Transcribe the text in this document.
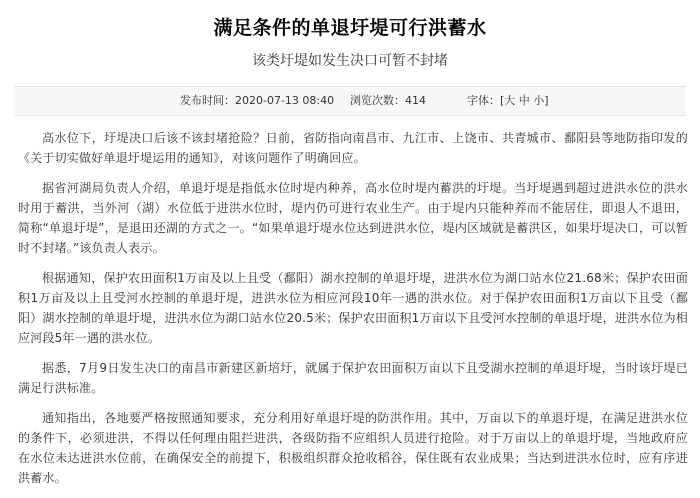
满足条件的单退圩堤可行洪蓄水
该类圩堤如发生决口可暂不封堵
发布时间：2020-07-13 08:40 浏览次数：414	字体：[大 中 小]

高水位下，圩堤决口后该不该封堵抢险？日前，省防指向南昌市、九江市、上饶市、共青城市、鄱阳县等地防指印发的《关于切实做好单退圩堤运用的通知》，对该问题作了明确回应。

据省河湖局负责人介绍，单退圩堤是指低水位时堤内种养，高水位时堤内蓄洪的圩堤。当圩堤遇到超过进洪水位的洪水时用于蓄洪，当外河（湖）水位低于进洪水位时，堤内仍可进行农业生产。由于堤内只能种养而不能居住，即退人不退田，简称“单退圩堤”，是退田还湖的方式之一。“如果单退圩堤水位达到进洪水位，堤内区域就是蓄洪区，如果圩堤决口，可以暂时不封堵。”该负责人表示。

根据通知，保护农田面积1万亩及以上且受（鄱阳）湖水控制的单退圩堤，进洪水位为湖口站水位21.68米；保护农田面积1万亩及以上且受河水控制的单退圩堤，进洪水位为相应河段10年一遇的洪水位。对于保护农田面积1万亩以下且受（鄱阳）湖水控制的单退圩堤，进洪水位为湖口站水位20.5米；保护农田面积1万亩以下且受河水控制的单退圩堤，进洪水位为相应河段5年一遇的洪水位。

据悉，7月9日发生决口的南昌市新建区新培圩，就属于保护农田面积万亩以下且受湖水控制的单退圩堤，当时该圩堤已满足行洪标准。

通知指出，各地要严格按照通知要求，充分利用好单退圩堤的防洪作用。其中，万亩以下的单退圩堤，在满足进洪水位的条件下，必须进洪，不得以任何理由阻拦进洪，各级防指不应组织人员进行抢险。对于万亩以上的单退圩堤，当地政府应在水位未达进洪水位前，在确保安全的前提下，积极组织群众抢收稻谷，保住既有农业成果；当达到进洪水位时，应有序进洪蓄水。
